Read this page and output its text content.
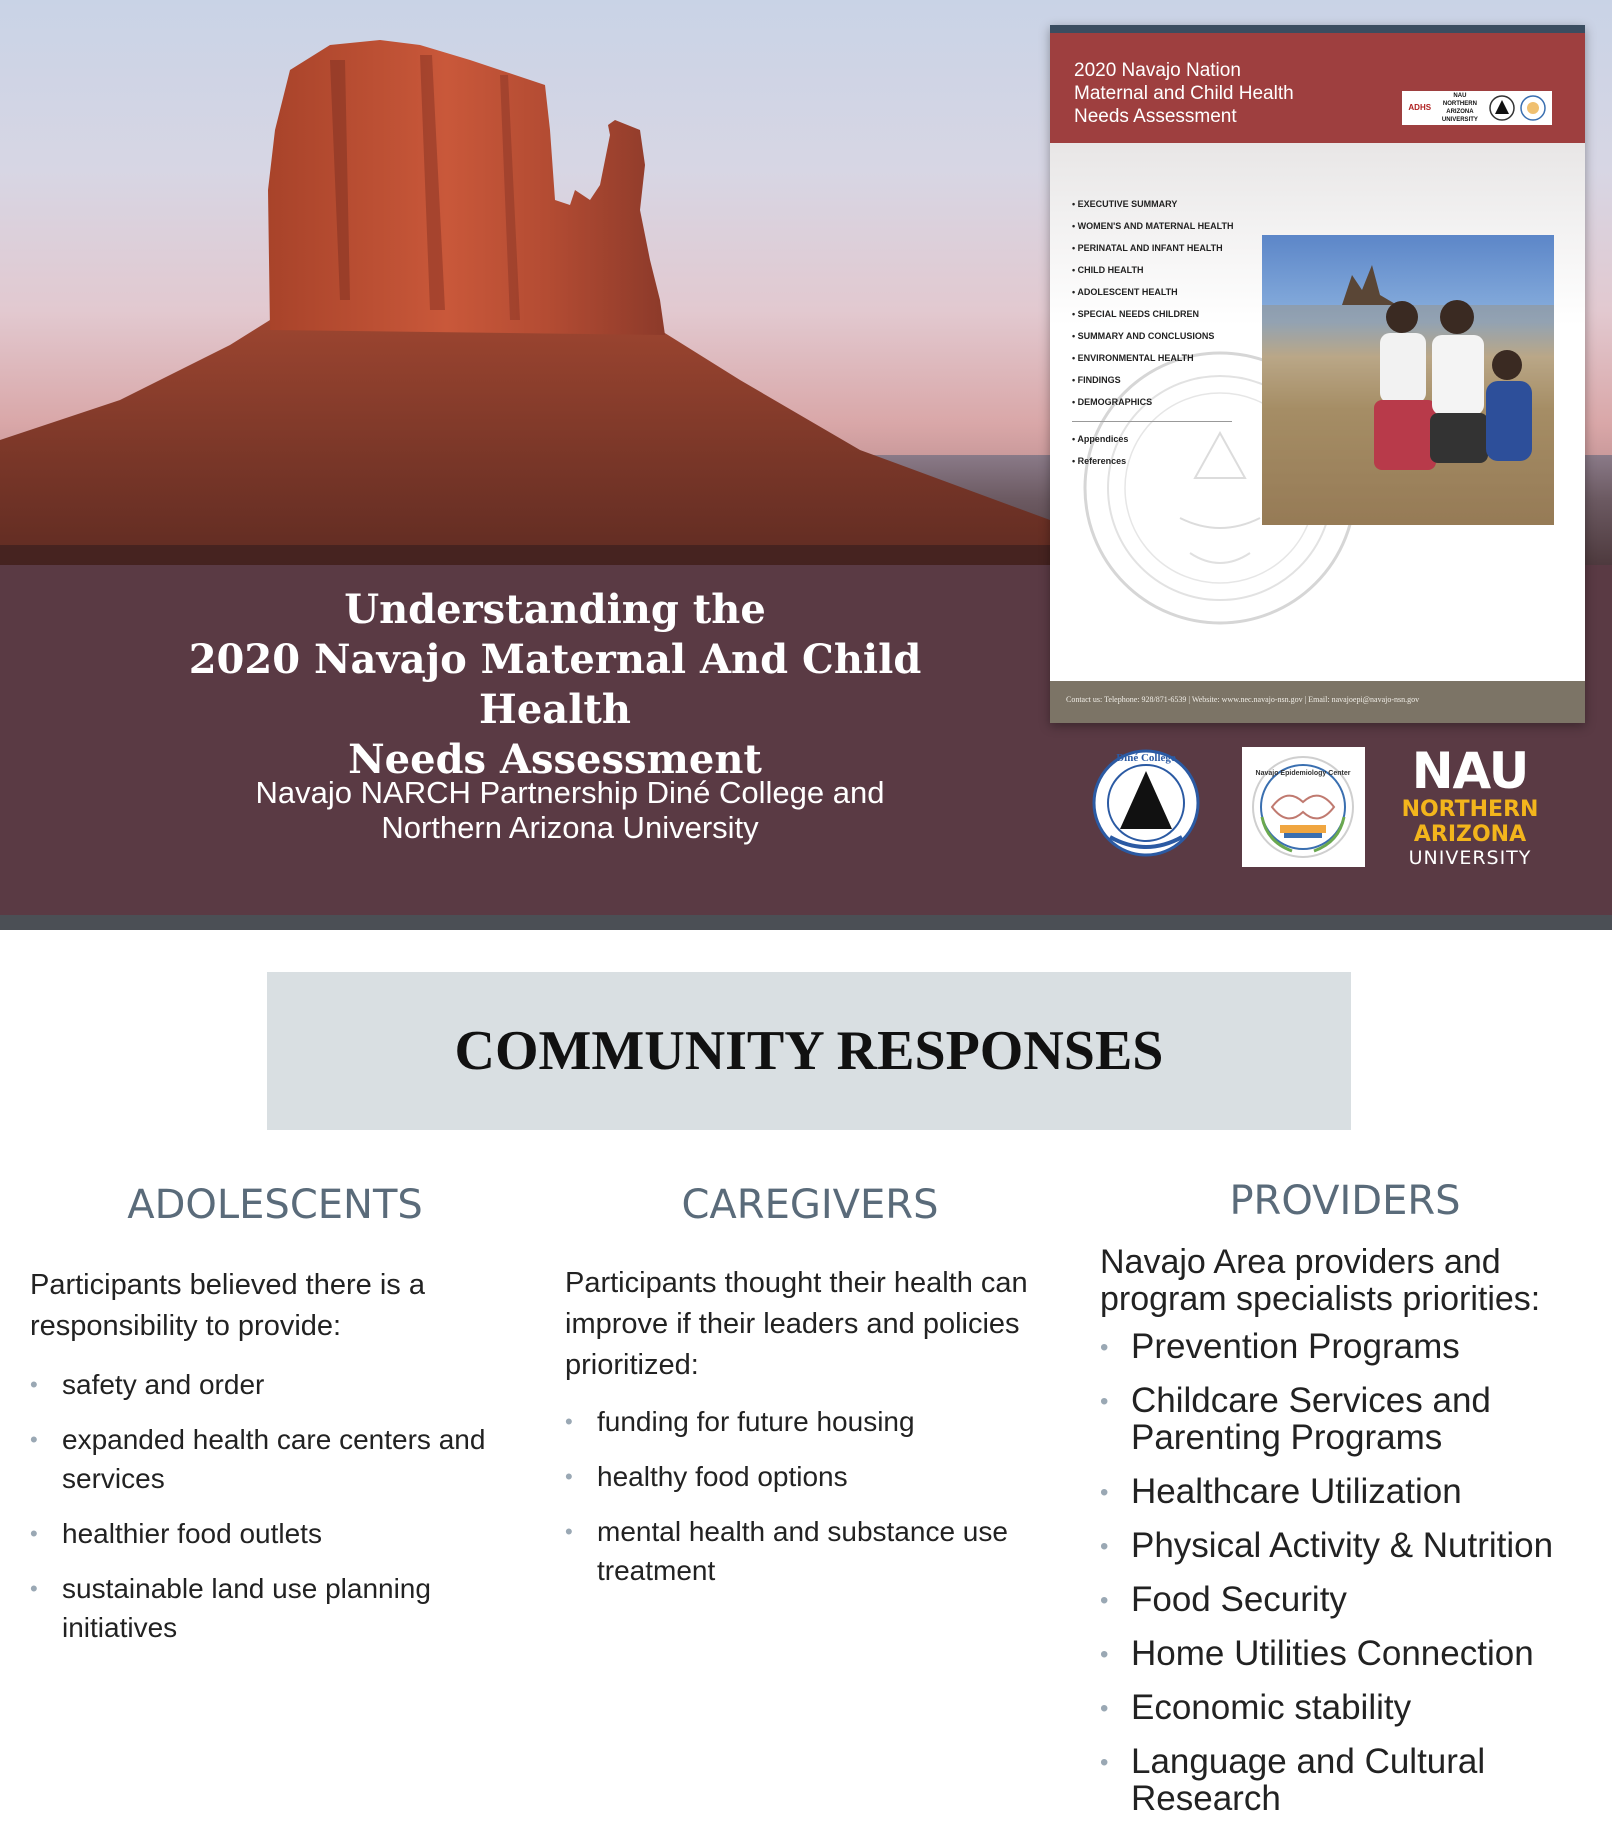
Understanding the
2020 Navajo Maternal And Child Health
Needs Assessment
Navajo NARCH Partnership Diné College and
Northern Arizona University
2020 Navajo Nation
Maternal and Child Health
Needs Assessment	ADHS
NAU NORTHERN ARIZONA UNIVERSITY
• EXECUTIVE SUMMARY
• WOMEN'S AND MATERNAL HEALTH
• PERINATAL AND INFANT HEALTH
• CHILD HEALTH
• ADOLESCENT HEALTH
• SPECIAL NEEDS CHILDREN
• SUMMARY AND CONCLUSIONS
• ENVIRONMENTAL HEALTH
• FINDINGS
• DEMOGRAPHICS
• Appendices
• References
Contact us: Telephone: 928/871-6539 | Website: www.nec.navajo-nsn.gov | Email: navajoepi@navajo-nsn.gov
Diné College
Navajo Epidemiology Center	NAU
NORTHERN
ARIZONA
UNIVERSITY
COMMUNITY RESPONSES
ADOLESCENTS

Participants believed there is a responsibility to provide:

• safety and order
• expanded health care centers and services
• healthier food outlets
• sustainable land use planning initiatives
CAREGIVERS

Participants thought their health can improve if their leaders and policies prioritized:

• funding for future housing
• healthy food options
• mental health and substance use treatment
PROVIDERS

Navajo Area providers and program specialists priorities:

• Prevention Programs
• Childcare Services and Parenting Programs
• Healthcare Utilization
• Physical Activity & Nutrition
• Food Security
• Home Utilities Connection
• Economic stability
• Language and Cultural Research
